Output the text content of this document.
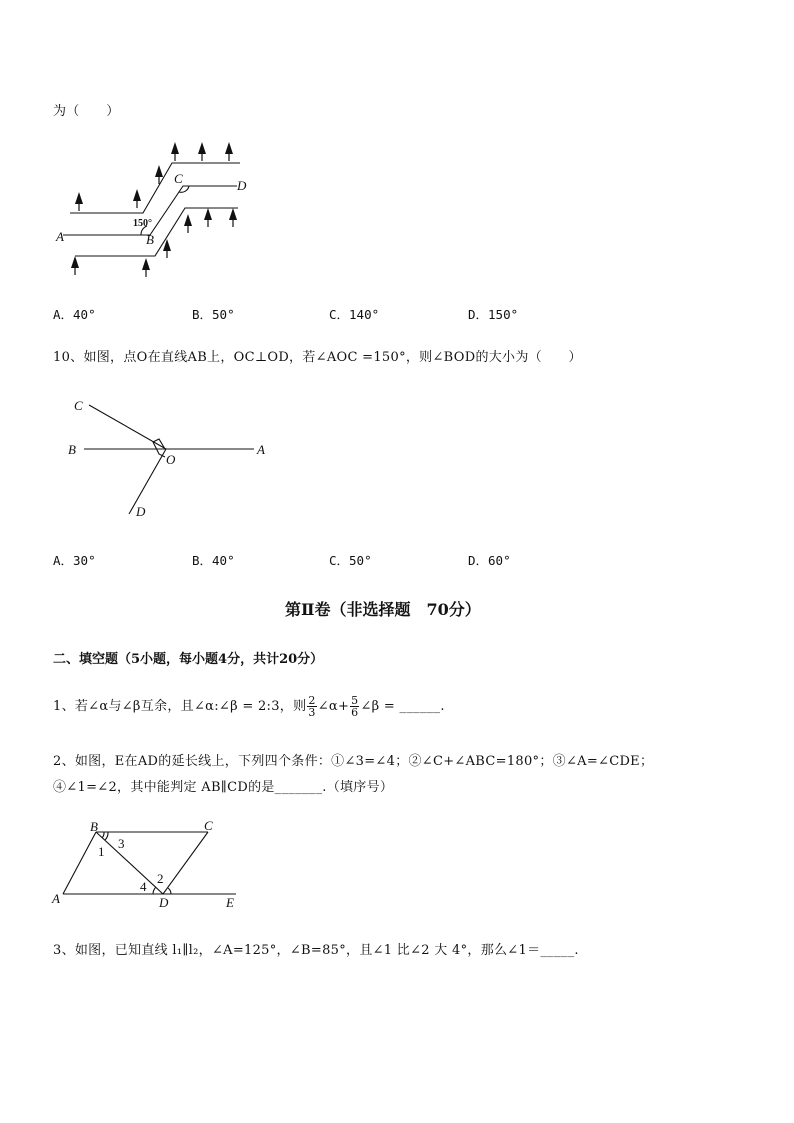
为（　　）
A	B
C	D
150°
A．40°	B．50°	C．140°	D．150°
10、如图，点O在直线AB上，OC⊥OD，若∠AOC =150°，则∠BOD的大小为（　　）
C
B	A
O
D
A．30°	B．40°	C．50°	D．60°
第Ⅱ卷（非选择题　70分）
二、填空题（5小题，每小题4分，共计20分）
1、若∠α与∠β互余，且∠α:∠β = 2:3，则 $\frac{2}{3}$ ∠α+ $\frac{5}{6}$ ∠β = ______.
2、如图，E在AD的延长线上，下列四个条件：①∠3=∠4；②∠C+∠ABC=180°；③∠A=∠CDE；
④∠1=∠2，其中能判定 AB∥CD的是_______.（填序号）
B	C
A	D	E
1
3
2
4
3、如图，已知直线 l₁∥l₂，∠A=125°，∠B=85°，且∠1 比∠2 大 4°，那么∠1＝_____.
